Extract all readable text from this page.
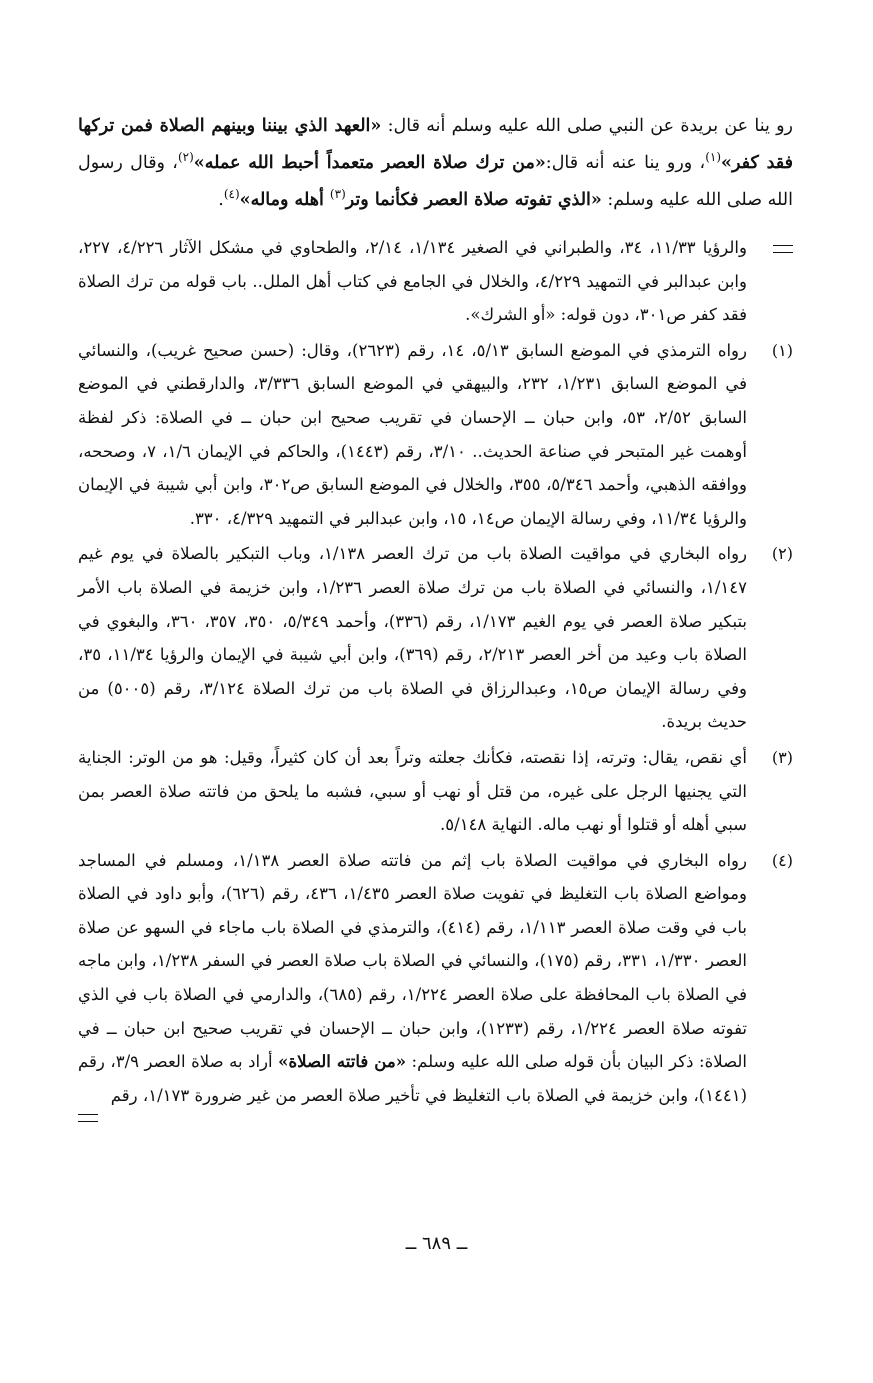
رو ينا عن بريدة عن النبي صلى الله عليه وسلم أنه قال: «العهد الذي بيننا وبينهم الصلاة فمن تركها فقد كفر»$^{(١)}$، ورو ينا عنه أنه قال:«من ترك صلاة العصر متعمداً أحبط الله عمله»$^{(٢)}$، وقال رسول الله صلى الله عليه وسلم: «الذي تفوته صلاة العصر فكأنما وتر$^{(٣)}$ أهله وماله»$^{(٤)}$.

والرؤيا ١١/٣٣، ٣٤، والطبراني في الصغير ١/١٣٤، ٢/١٤، والطحاوي في مشكل الآثار ٤/٢٢٦، ٢٢٧، وابن عبدالبر في التمهيد ٤/٢٢٩، والخلال في الجامع في كتاب أهل الملل.. باب قوله من ترك الصلاة فقد كفر ص٣٠١، دون قوله: «أو الشرك».
(١)
رواه الترمذي في الموضع السابق ٥/١٣، ١٤، رقم (٢٦٢٣)، وقال: (حسن صحيح غريب)، والنسائي في الموضع السابق ١/٢٣١، ٢٣٢، والبيهقي في الموضع السابق ٣/٣٣٦، والدارقطني في الموضع السابق ٢/٥٢، ٥٣، وابن حبان ــ الإحسان في تقريب صحيح ابن حبان ــ في الصلاة: ذكر لفظة أوهمت غير المتبحر في صناعة الحديث.. ٣/١٠، رقم (١٤٤٣)، والحاكم في الإيمان ١/٦، ٧، وصححه، ووافقه الذهبي، وأحمد ٥/٣٤٦، ٣٥٥، والخلال في الموضع السابق ص٣٠٢، وابن أبي شيبة في الإيمان والرؤيا ١١/٣٤، وفي رسالة الإيمان ص١٤، ١٥، وابن عبدالبر في التمهيد ٤/٣٢٩، ٣٣٠.
(٢)
رواه البخاري في مواقيت الصلاة باب من ترك العصر ١/١٣٨، وباب التبكير بالصلاة في يوم غيم ١/١٤٧، والنسائي في الصلاة باب من ترك صلاة العصر ١/٢٣٦، وابن خزيمة في الصلاة باب الأمر بتبكير صلاة العصر في يوم الغيم ١/١٧٣، رقم (٣٣٦)، وأحمد ٥/٣٤٩، ٣٥٠، ٣٥٧، ٣٦٠، والبغوي في الصلاة باب وعيد من أخر العصر ٢/٢١٣، رقم (٣٦٩)، وابن أبي شيبة في الإيمان والرؤيا ١١/٣٤، ٣٥، وفي رسالة الإيمان ص١٥، وعبدالرزاق في الصلاة باب من ترك الصلاة ٣/١٢٤، رقم (٥٠٠٥) من حديث بريدة.
(٣)
أي نقص، يقال: وترته، إذا نقصته، فكأنك جعلته وتراً بعد أن كان كثيراً، وقيل: هو من الوتر: الجناية التي يجنيها الرجل على غيره، من قتل أو نهب أو سبي، فشبه ما يلحق من فاتته صلاة العصر بمن سبي أهله أو قتلوا أو نهب ماله. النهاية ٥/١٤٨.
(٤)
رواه البخاري في مواقيت الصلاة باب إثم من فاتته صلاة العصر ١/١٣٨، ومسلم في المساجد ومواضع الصلاة باب التغليظ في تفويت صلاة العصر ١/٤٣٥، ٤٣٦، رقم (٦٢٦)، وأبو داود في الصلاة باب في وقت صلاة العصر ١/١١٣، رقم (٤١٤)، والترمذي في الصلاة باب ماجاء في السهو عن صلاة العصر ١/٣٣٠، ٣٣١، رقم (١٧٥)، والنسائي في الصلاة باب صلاة العصر في السفر ١/٢٣٨، وابن ماجه في الصلاة باب المحافظة على صلاة العصر ١/٢٢٤، رقم (٦٨٥)، والدارمي في الصلاة باب في الذي تفوته صلاة العصر ١/٢٢٤، رقم (١٢٣٣)، وابن حبان ــ الإحسان في تقريب صحيح ابن حبان ــ في الصلاة: ذكر البيان بأن قوله صلى الله عليه وسلم: «من فاتته الصلاة» أراد به صلاة العصر ٣/٩، رقم (١٤٤١)، وابن خزيمة في الصلاة باب التغليظ في تأخير صلاة العصر من غير ضرورة ١/١٧٣، رقم
ــ ٦٨٩ ــ
